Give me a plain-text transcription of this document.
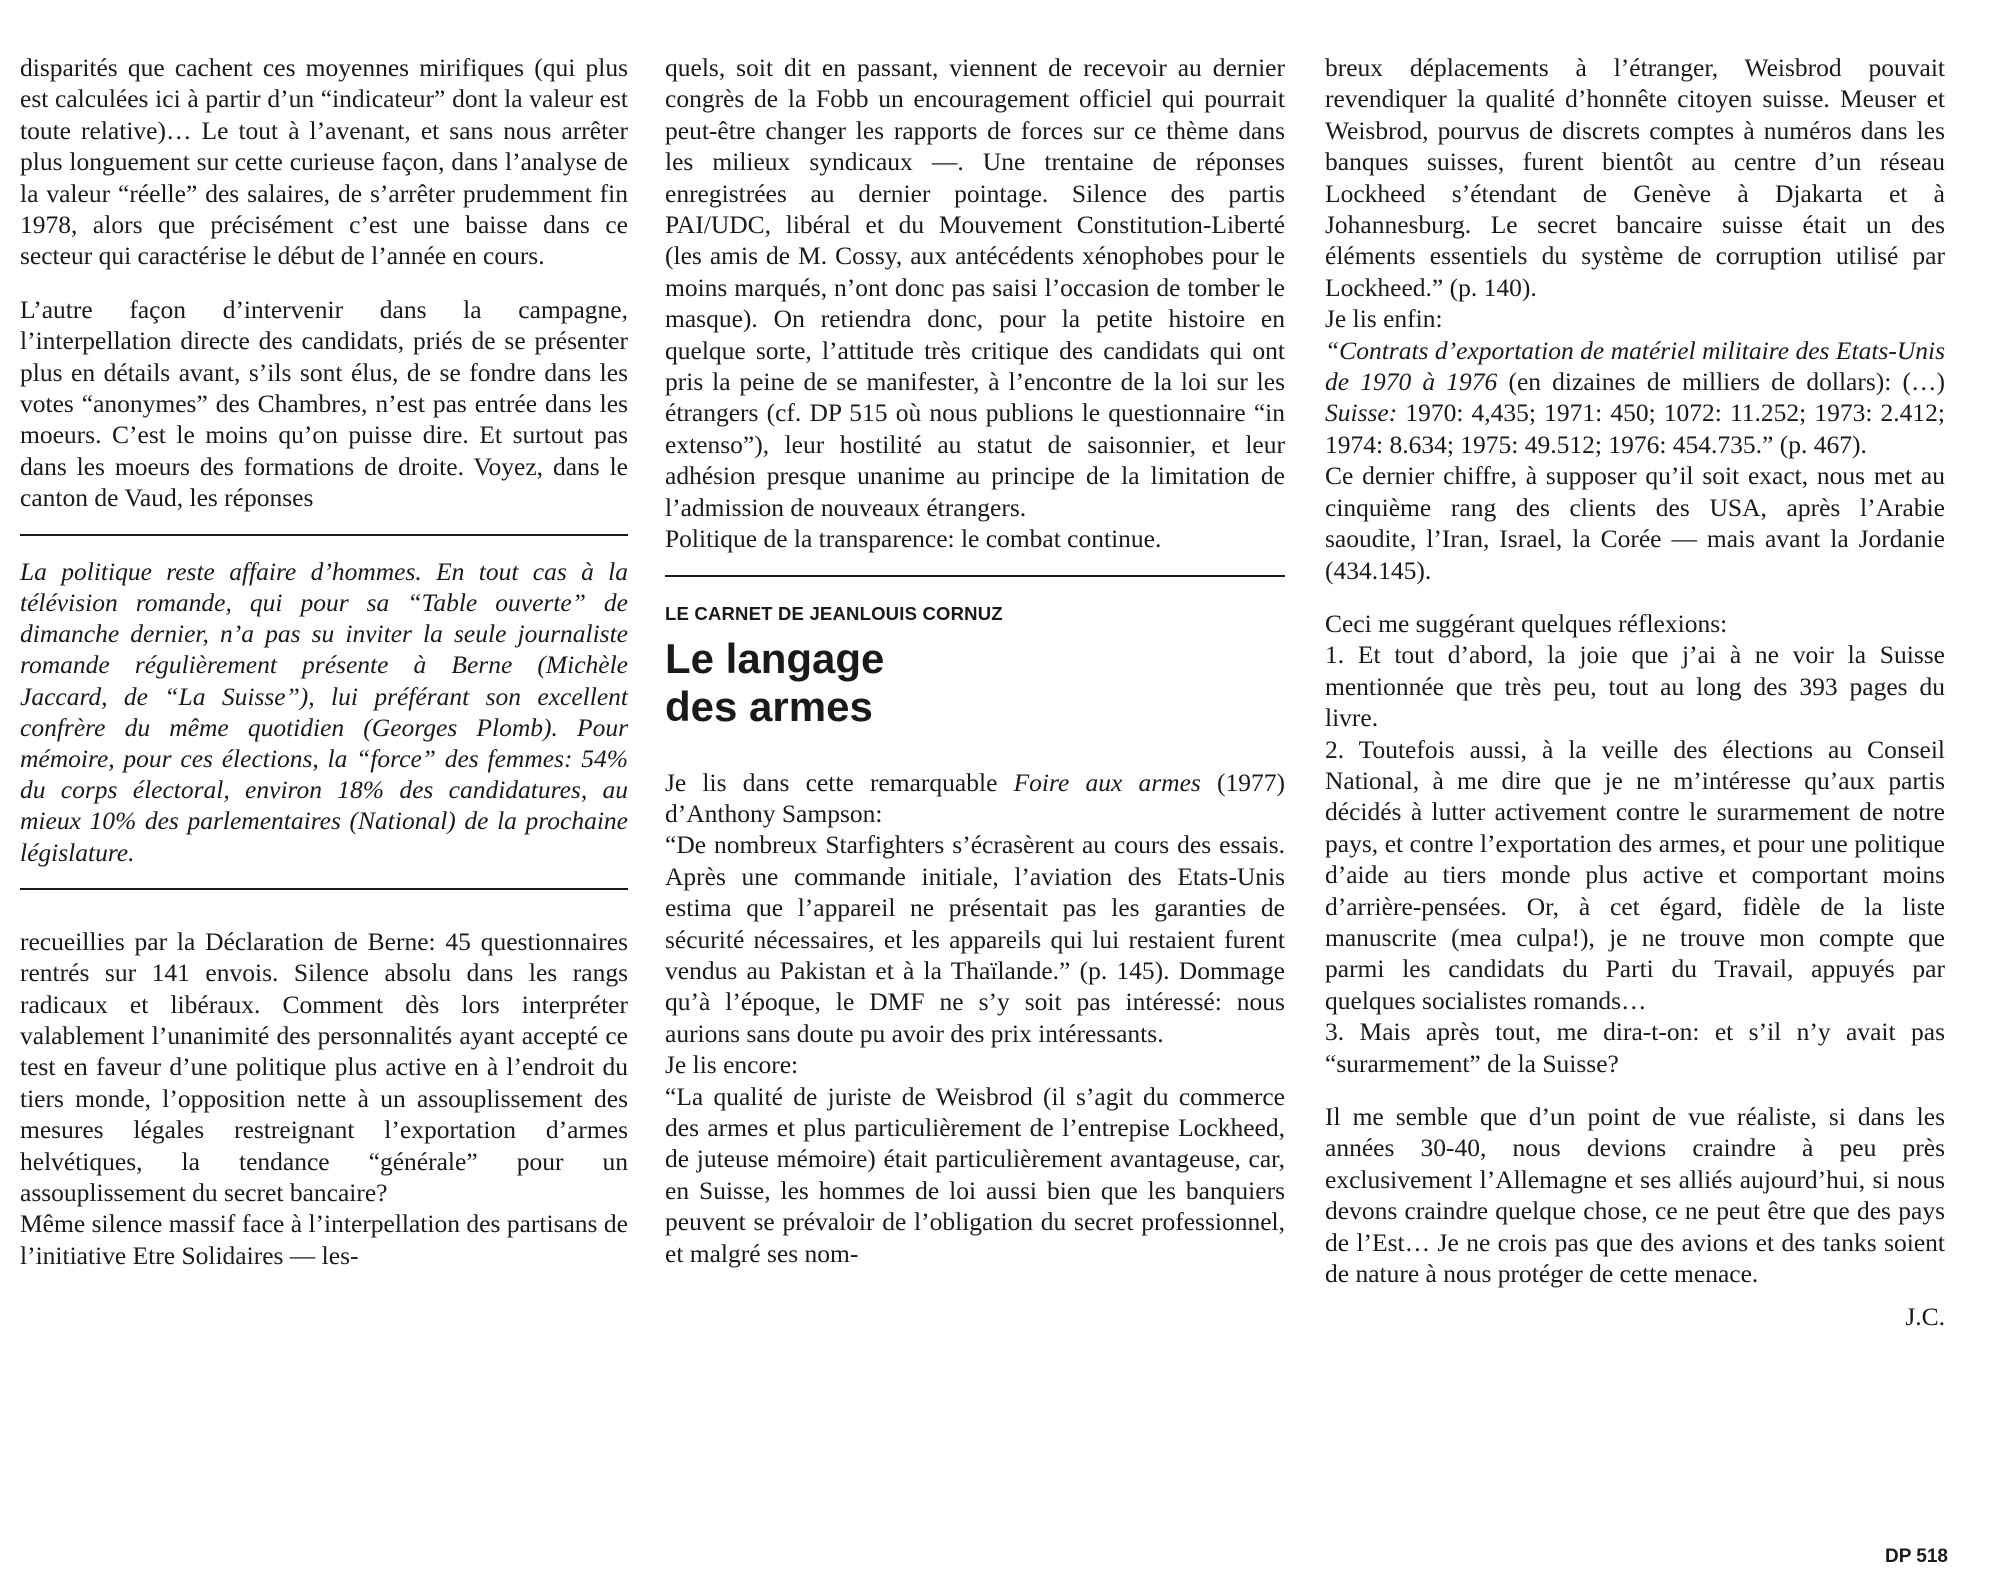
disparités que cachent ces moyennes mirifiques (qui plus est calculées ici à partir d’un “indicateur” dont la valeur est toute relative)… Le tout à l’avenant, et sans nous arrêter plus longuement sur cette curieuse façon, dans l’analyse de la valeur “réelle” des salaires, de s’arrêter prudemment fin 1978, alors que précisément c’est une baisse dans ce secteur qui caractérise le début de l’année en cours.

L’autre façon d’intervenir dans la campagne, l’interpellation directe des candidats, priés de se présenter plus en détails avant, s’ils sont élus, de se fondre dans les votes “anonymes” des Chambres, n’est pas entrée dans les moeurs. C’est le moins qu’on puisse dire. Et surtout pas dans les moeurs des formations de droite. Voyez, dans le canton de Vaud, les réponses

La politique reste affaire d’hommes. En tout cas à la télévision romande, qui pour sa “Table ouverte” de dimanche dernier, n’a pas su inviter la seule journaliste romande régulièrement présente à Berne (Michèle Jaccard, de “La Suisse”), lui préférant son excellent confrère du même quotidien (Georges Plomb). Pour mémoire, pour ces élections, la “force” des femmes: 54% du corps électoral, environ 18% des candidatures, au mieux 10% des parlementaires (National) de la prochaine législature.

recueillies par la Déclaration de Berne: 45 questionnaires rentrés sur 141 envois. Silence absolu dans les rangs radicaux et libéraux. Comment dès lors interpréter valablement l’unanimité des personnalités ayant accepté ce test en faveur d’une politique plus active en à l’endroit du tiers monde, l’opposition nette à un assouplissement des mesures légales restreignant l’exportation d’armes helvétiques, la tendance “générale” pour un assouplissement du secret bancaire?

Même silence massif face à l’interpellation des partisans de l’initiative Etre Solidaires — les-

quels, soit dit en passant, viennent de recevoir au dernier congrès de la Fobb un encouragement officiel qui pourrait peut-être changer les rapports de forces sur ce thème dans les milieux syndicaux —. Une trentaine de réponses enregistrées au dernier pointage. Silence des partis PAI/UDC, libéral et du Mouvement Constitution-Liberté (les amis de M. Cossy, aux antécédents xénophobes pour le moins marqués, n’ont donc pas saisi l’occasion de tomber le masque). On retiendra donc, pour la petite histoire en quelque sorte, l’attitude très critique des candidats qui ont pris la peine de se manifester, à l’encontre de la loi sur les étrangers (cf. DP 515 où nous publions le questionnaire “in extenso”), leur hostilité au statut de saisonnier, et leur adhésion presque unanime au principe de la limitation de l’admission de nouveaux étrangers.

Politique de la transparence: le combat continue.

LE CARNET DE JEANLOUIS CORNUZ
Le langage
des armes

Je lis dans cette remarquable Foire aux armes (1977) d’Anthony Sampson:

“De nombreux Starfighters s’écrasèrent au cours des essais. Après une commande initiale, l’aviation des Etats-Unis estima que l’appareil ne présentait pas les garanties de sécurité nécessaires, et les appareils qui lui restaient furent vendus au Pakistan et à la Thaïlande.” (p. 145). Dommage qu’à l’époque, le DMF ne s’y soit pas intéressé: nous aurions sans doute pu avoir des prix intéressants.

Je lis encore:

“La qualité de juriste de Weisbrod (il s’agit du commerce des armes et plus particulièrement de l’entrepise Lockheed, de juteuse mémoire) était particulièrement avantageuse, car, en Suisse, les hommes de loi aussi bien que les banquiers peuvent se prévaloir de l’obligation du secret professionnel, et malgré ses nom-

breux déplacements à l’étranger, Weisbrod pouvait revendiquer la qualité d’honnête citoyen suisse. Meuser et Weisbrod, pourvus de discrets comptes à numéros dans les banques suisses, furent bientôt au centre d’un réseau Lockheed s’étendant de Genève à Djakarta et à Johannesburg. Le secret bancaire suisse était un des éléments essentiels du système de corruption utilisé par Lockheed.” (p. 140).

Je lis enfin:

“Contrats d’exportation de matériel militaire des Etats-Unis de 1970 à 1976 (en dizaines de milliers de dollars): (…) Suisse: 1970: 4,435; 1971: 450; 1072: 11.252; 1973: 2.412; 1974: 8.634; 1975: 49.512; 1976: 454.735.” (p. 467).

Ce dernier chiffre, à supposer qu’il soit exact, nous met au cinquième rang des clients des USA, après l’Arabie saoudite, l’Iran, Israel, la Corée — mais avant la Jordanie (434.145).

Ceci me suggérant quelques réflexions:

1. Et tout d’abord, la joie que j’ai à ne voir la Suisse mentionnée que très peu, tout au long des 393 pages du livre.

2. Toutefois aussi, à la veille des élections au Conseil National, à me dire que je ne m’intéresse qu’aux partis décidés à lutter activement contre le surarmement de notre pays, et contre l’exportation des armes, et pour une politique d’aide au tiers monde plus active et comportant moins d’arrière-pensées. Or, à cet égard, fidèle de la liste manuscrite (mea culpa!), je ne trouve mon compte que parmi les candidats du Parti du Travail, appuyés par quelques socialistes romands…

3. Mais après tout, me dira-t-on: et s’il n’y avait pas “surarmement” de la Suisse?

Il me semble que d’un point de vue réaliste, si dans les années 30-40, nous devions craindre à peu près exclusivement l’Allemagne et ses alliés aujourd’hui, si nous devons craindre quelque chose, ce ne peut être que des pays de l’Est… Je ne crois pas que des avions et des tanks soient de nature à nous protéger de cette menace.

J.C.

DP 518
